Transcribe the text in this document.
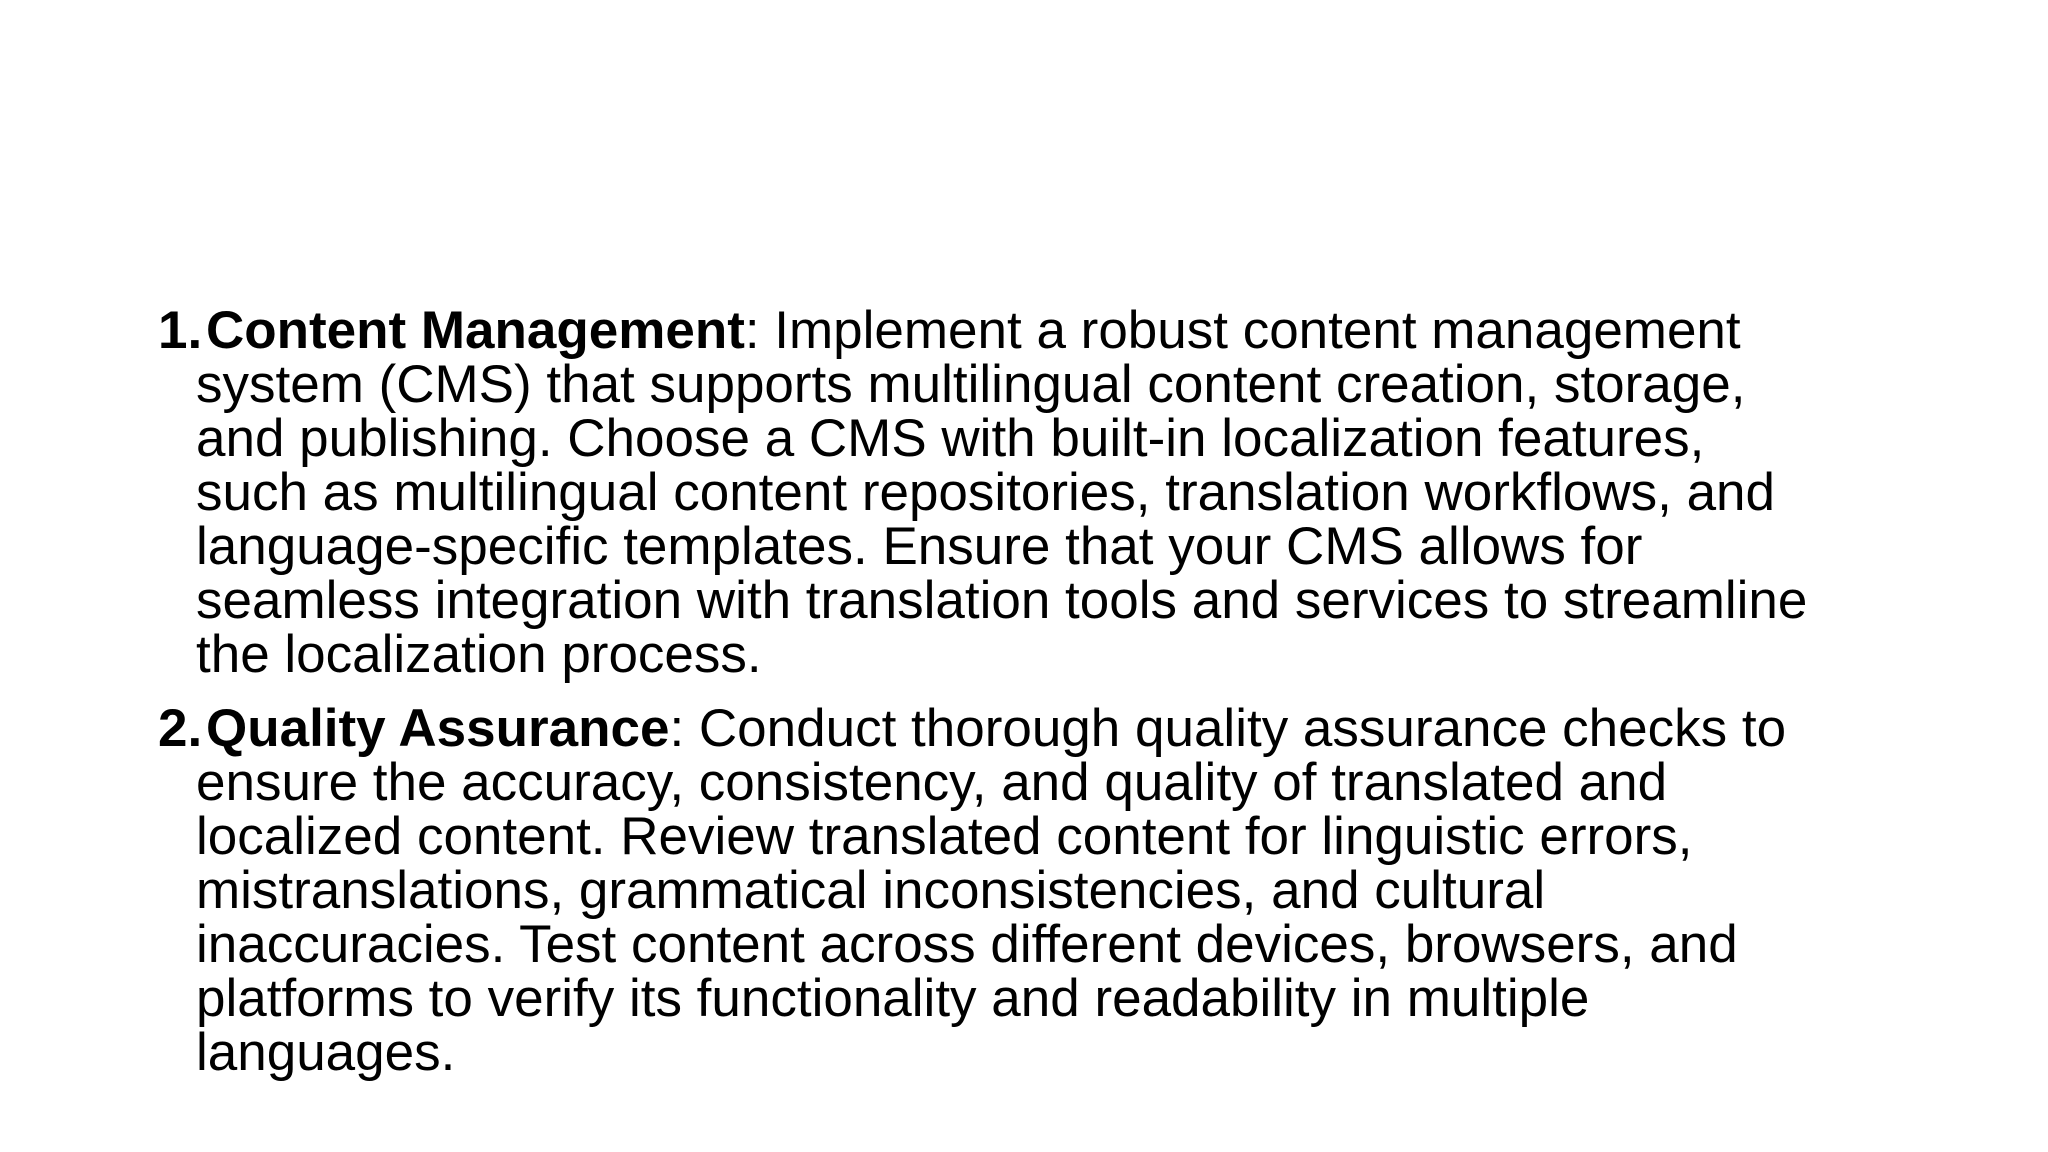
1. Content Management: Implement a robust content management
system (CMS) that supports multilingual content creation, storage,
and publishing. Choose a CMS with built-in localization features,
such as multilingual content repositories, translation workflows, and
language-specific templates. Ensure that your CMS allows for
seamless integration with translation tools and services to streamline
the localization process.
2. Quality Assurance: Conduct thorough quality assurance checks to
ensure the accuracy, consistency, and quality of translated and
localized content. Review translated content for linguistic errors,
mistranslations, grammatical inconsistencies, and cultural
inaccuracies. Test content across different devices, browsers, and
platforms to verify its functionality and readability in multiple
languages.
